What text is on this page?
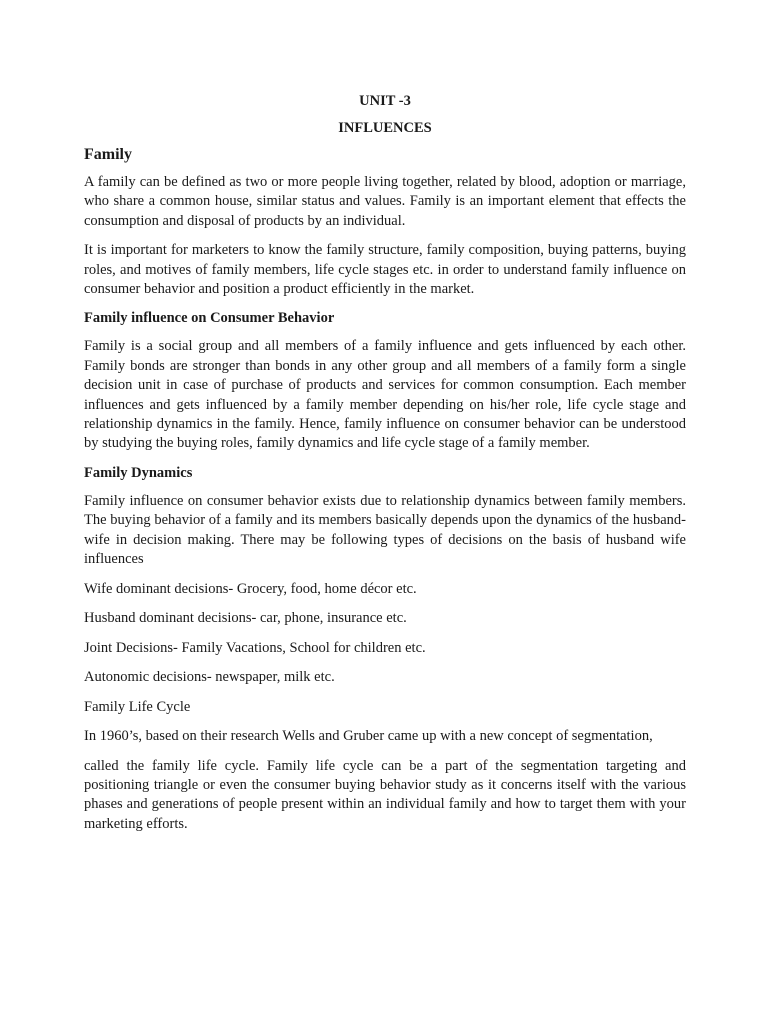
UNIT -3

INFLUENCES

Family

A family can be defined as two or more people living together, related by blood, adoption or marriage, who share a common house, similar status and values. Family is an important element that effects the consumption and disposal of products by an individual.

It is important for marketers to know the family structure, family composition, buying patterns, buying roles, and motives of family members, life cycle stages etc. in order to understand family influence on consumer behavior and position a product efficiently in the market.

Family influence on Consumer Behavior

Family is a social group and all members of a family influence and gets influenced by each other. Family bonds are stronger than bonds in any other group and all members of a family form a single decision unit in case of purchase of products and services for common consumption. Each member influences and gets influenced by a family member depending on his/her role, life cycle stage and relationship dynamics in the family. Hence, family influence on consumer behavior can be understood by studying the buying roles, family dynamics and life cycle stage of a family member.

Family Dynamics

Family influence on consumer behavior exists due to relationship dynamics between family members. The buying behavior of a family and its members basically depends upon the dynamics of the husband-wife in decision making. There may be following types of decisions on the basis of husband wife influences

Wife dominant decisions- Grocery, food, home décor etc.

Husband dominant decisions- car, phone, insurance etc.

Joint Decisions- Family Vacations, School for children etc.

Autonomic decisions- newspaper, milk etc.

Family Life Cycle

In 1960’s, based on their research Wells and Gruber came up with a new concept of segmentation,

called the family life cycle. Family life cycle can be a part of the segmentation targeting and positioning triangle or even the consumer buying behavior study as it concerns itself with the various phases and generations of people present within an individual family and how to target them with your marketing efforts.
